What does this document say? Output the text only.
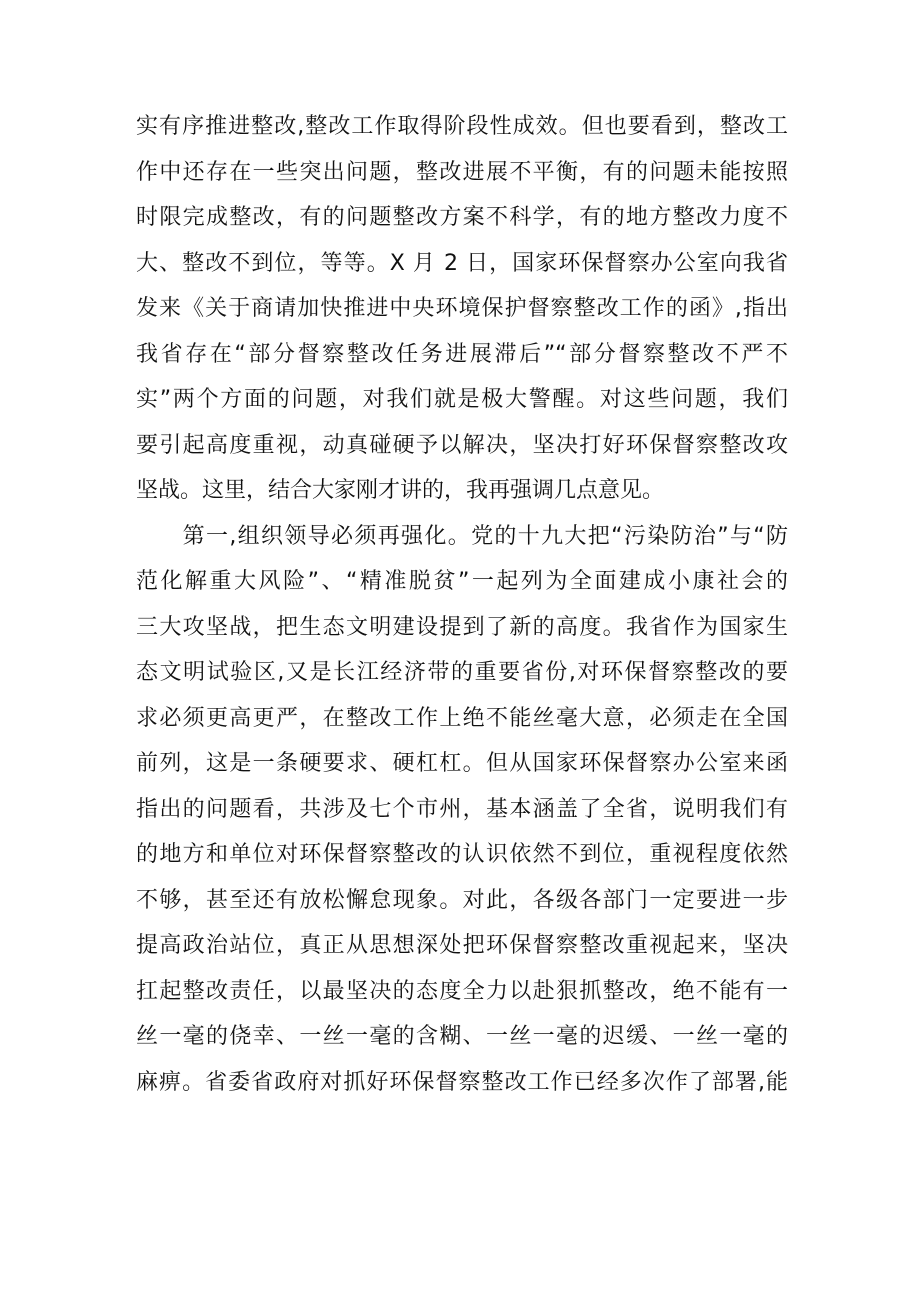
实有序推进整改,整改工作取得阶段性成效。但也要看到，整改工
作中还存在一些突出问题，整改进展不平衡，有的问题未能按照
时限完成整改，有的问题整改方案不科学，有的地方整改力度不
大、整改不到位，等等。X 月 2 日，国家环保督察办公室向我省
发来《关于商请加快推进中央环境保护督察整改工作的函》,指出
我省存在“部分督察整改任务进展滞后”“部分督察整改不严不
实”两个方面的问题，对我们就是极大警醒。对这些问题，我们
要引起高度重视，动真碰硬予以解决，坚决打好环保督察整改攻
坚战。这里，结合大家刚才讲的，我再强调几点意见。
　　第一,组织领导必须再强化。党的十九大把“污染防治”与“防
范化解重大风险”、“精准脱贫”一起列为全面建成小康社会的
三大攻坚战，把生态文明建设提到了新的高度。我省作为国家生
态文明试验区,又是长江经济带的重要省份,对环保督察整改的要
求必须更高更严，在整改工作上绝不能丝毫大意，必须走在全国
前列，这是一条硬要求、硬杠杠。但从国家环保督察办公室来函
指出的问题看，共涉及七个市州，基本涵盖了全省，说明我们有
的地方和单位对环保督察整改的认识依然不到位，重视程度依然
不够，甚至还有放松懈怠现象。对此，各级各部门一定要进一步
提高政治站位，真正从思想深处把环保督察整改重视起来，坚决
扛起整改责任，以最坚决的态度全力以赴狠抓整改，绝不能有一
丝一毫的侥幸、一丝一毫的含糊、一丝一毫的迟缓、一丝一毫的
麻痹。省委省政府对抓好环保督察整改工作已经多次作了部署,能
